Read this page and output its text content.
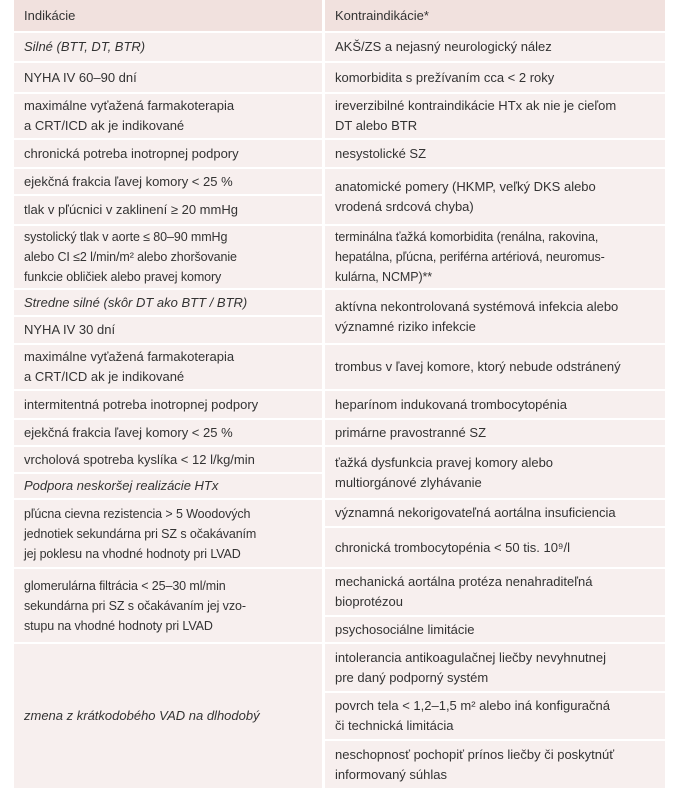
Indikácie	Kontraindikácie*
Silné (BTT, DT, BTR)
NYHA IV 60–90 dní
maximálne vyťažená farmakoterapia
a CRT/ICD ak je indikované
chronická potreba inotropnej podpory
ejekčná frakcia ľavej komory < 25 %
tlak v pľúcnici v zaklinení ≥ 20 mmHg
systolický tlak v aorte ≤ 80–90 mmHg
alebo CI ≤2 l/min/m² alebo zhoršovanie
funkcie obličiek alebo pravej komory
Stredne silné (skôr DT ako BTT / BTR)
NYHA IV 30 dní
maximálne vyťažená farmakoterapia
a CRT/ICD ak je indikované
intermitentná potreba inotropnej podpory
ejekčná frakcia ľavej komory < 25 %
vrcholová spotreba kyslíka < 12 l/kg/min
Podpora neskoršej realizácie HTx
pľúcna cievna rezistencia > 5 Woodových
jednotiek sekundárna pri SZ s očakávaním
jej poklesu na vhodné hodnoty pri LVAD
glomerulárna filtrácia < 25–30 ml/min
sekundárna pri SZ s očakávaním jej vzo-
stupu na vhodné hodnoty pri LVAD
zmena z krátkodobého VAD na dlhodobý
AKŠ/ZS a nejasný neurologický nález
komorbidita s prežívaním cca < 2 roky
ireverzibilné kontraindikácie HTx ak nie je cieľom
DT alebo BTR
nesystolické SZ
anatomické pomery (HKMP, veľký DKS alebo
vrodená srdcová chyba)
terminálna ťažká komorbidita (renálna, rakovina,
hepatálna, pľúcna, periférna artériová, neuromus-
kulárna, NCMP)**
aktívna nekontrolovaná systémová infekcia alebo
významné riziko infekcie
trombus v ľavej komore, ktorý nebude odstránený
heparínom indukovaná trombocytopénia
primárne pravostranné SZ
ťažká dysfunkcia pravej komory alebo
multiorgánové zlyhávanie
významná nekorigovateľná aortálna insuficiencia
chronická trombocytopénia < 50 tis. 10⁹/l
mechanická aortálna protéza nenahraditeľná
bioprotézou
psychosociálne limitácie
intolerancia antikoagulačnej liečby nevyhnutnej
pre daný podporný systém
povrch tela < 1,2–1,5 m² alebo iná konfiguračná
či technická limitácia
neschopnosť pochopiť prínos liečby či poskytnúť
informovaný súhlas
